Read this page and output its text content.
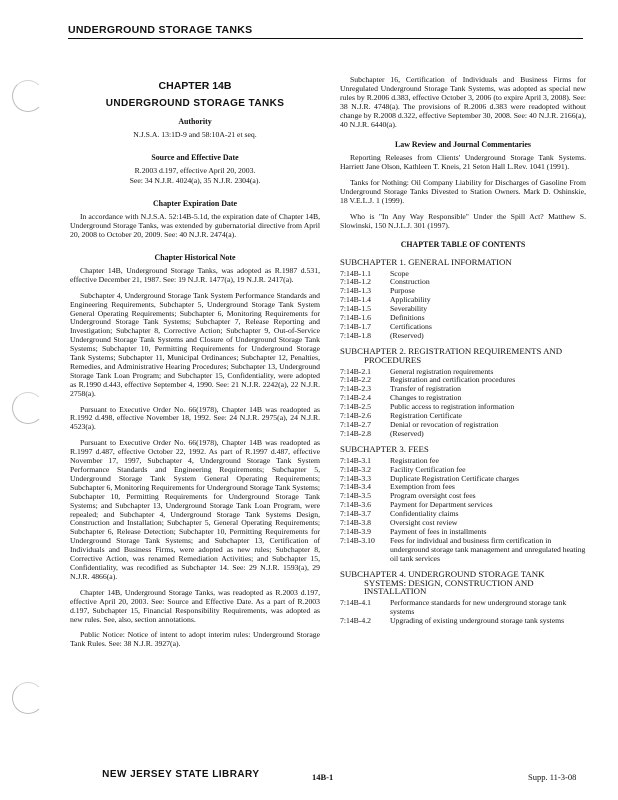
UNDERGROUND STORAGE TANKS
CHAPTER 14B
UNDERGROUND STORAGE TANKS
Authority
N.J.S.A. 13:1D-9 and 58:10A-21 et seq.
Source and Effective Date
R.2003 d.197, effective April 20, 2003.
See: 34 N.J.R. 4024(a), 35 N.J.R. 2304(a).
Chapter Expiration Date
In accordance with N.J.S.A. 52:14B-5.1d, the expiration date of Chapter 14B, Underground Storage Tanks, was extended by gubernatorial directive from April 20, 2008 to October 20, 2009. See: 40 N.J.R. 2474(a).
Chapter Historical Note
Chapter 14B, Underground Storage Tanks, was adopted as R.1987 d.531, effective December 21, 1987. See: 19 N.J.R. 1477(a), 19 N.J.R. 2417(a).
Subchapter 4, Underground Storage Tank System Performance Standards and Engineering Requirements, Subchapter 5, Underground Storage Tank System General Operating Requirements; Subchapter 6, Monitoring Requirements for Underground Storage Tank Systems; Subchapter 7, Release Reporting and Investigation; Subchapter 8, Corrective Action; Subchapter 9, Out-of-Service Underground Storage Tank Systems and Closure of Underground Storage Tank Systems; Subchapter 10, Permitting Requirements for Underground Storage Tank Systems; Subchapter 11, Municipal Ordinances; Subchapter 12, Penalties, Remedies, and Administrative Hearing Procedures; Subchapter 13, Underground Storage Tank Loan Program; and Subchapter 15, Confidentiality, were adopted as R.1990 d.443, effective September 4, 1990. See: 21 N.J.R. 2242(a), 22 N.J.R. 2758(a).
Pursuant to Executive Order No. 66(1978), Chapter 14B was readopted as R.1992 d.498, effective November 18, 1992. See: 24 N.J.R. 2975(a), 24 N.J.R. 4523(a).
Pursuant to Executive Order No. 66(1978), Chapter 14B was readopted as R.1997 d.487, effective October 22, 1992. As part of R.1997 d.487, effective November 17, 1997, Subchapter 4, Underground Storage Tank System Performance Standards and Engineering Requirements; Subchapter 5, Underground Storage Tank System General Operating Requirements; Subchapter 6, Monitoring Requirements for Underground Storage Tank Systems; Subchapter 10, Permitting Requirements for Underground Storage Tank Systems; and Subchapter 13, Underground Storage Tank Loan Program, were repealed; and Subchapter 4, Underground Storage Tank Systems Design, Construction and Installation; Subchapter 5, General Operating Requirements; Subchapter 6, Release Detection; Subchapter 10, Permitting Requirements for Underground Storage Tank Systems; and Subchapter 13, Certification of Individuals and Business Firms, were adopted as new rules; Subchapter 8, Corrective Action, was renamed Remediation Activities; and Subchapter 15, Confidentiality, was recodified as Subchapter 14. See: 29 N.J.R. 1593(a), 29 N.J.R. 4866(a).
Chapter 14B, Underground Storage Tanks, was readopted as R.2003 d.197, effective April 20, 2003. See: Source and Effective Date. As a part of R.2003 d.197, Subchapter 15, Financial Responsibility Requirements, was adopted as new rules. See, also, section annotations.
Public Notice: Notice of intent to adopt interim rules: Underground Storage Tank Rules. See: 38 N.J.R. 3927(a).
Subchapter 16, Certification of Individuals and Business Firms for Unregulated Underground Storage Tank Systems, was adopted as special new rules by R.2006 d.383, effective October 3, 2006 (to expire April 3, 2008). See: 38 N.J.R. 4748(a). The provisions of R.2006 d.383 were readopted without change by R.2008 d.322, effective September 30, 2008. See: 40 N.J.R. 2166(a), 40 N.J.R. 6440(a).
Law Review and Journal Commentaries
Reporting Releases from Clients' Underground Storage Tank Systems. Harriett Jane Olson, Kathleen T. Kneis, 21 Seton Hall L.Rev. 1041 (1991).
Tanks for Nothing: Oil Company Liability for Discharges of Gasoline From Underground Storage Tanks Divested to Station Owners. Mark D. Oshinskie, 18 V.E.L.J. 1 (1999).
Who is "In Any Way Responsible" Under the Spill Act? Matthew S. Slowinski, 150 N.J.L.J. 301 (1997).
CHAPTER TABLE OF CONTENTS
SUBCHAPTER 1. GENERAL INFORMATION
7:14B-1.1	Scope
7:14B-1.2	Construction
7:14B-1.3	Purpose
7:14B-1.4	Applicability
7:14B-1.5	Severability
7:14B-1.6	Definitions
7:14B-1.7	Certifications
7:14B-1.8	(Reserved)
SUBCHAPTER 2. REGISTRATION REQUIREMENTS AND
PROCEDURES
7:14B-2.1	General registration requirements
7:14B-2.2	Registration and certification procedures
7:14B-2.3	Transfer of registration
7:14B-2.4	Changes to registration
7:14B-2.5	Public access to registration information
7:14B-2.6	Registration Certificate
7:14B-2.7	Denial or revocation of registration
7:14B-2.8	(Reserved)
SUBCHAPTER 3. FEES
7:14B-3.1	Registration fee
7:14B-3.2	Facility Certification fee
7:14B-3.3	Duplicate Registration Certificate charges
7:14B-3.4	Exemption from fees
7:14B-3.5	Program oversight cost fees
7:14B-3.6	Payment for Department services
7:14B-3.7	Confidentiality claims
7:14B-3.8	Oversight cost review
7:14B-3.9	Payment of fees in installments
7:14B-3.10	Fees for individual and business firm certification in underground storage tank management and unregulated heating oil tank services
SUBCHAPTER 4. UNDERGROUND STORAGE TANK
SYSTEMS: DESIGN, CONSTRUCTION AND INSTALLATION
7:14B-4.1	Performance standards for new underground storage tank systems
7:14B-4.2	Upgrading of existing underground storage tank systems
NEW JERSEY STATE LIBRARY	14B-1	Supp. 11-3-08
